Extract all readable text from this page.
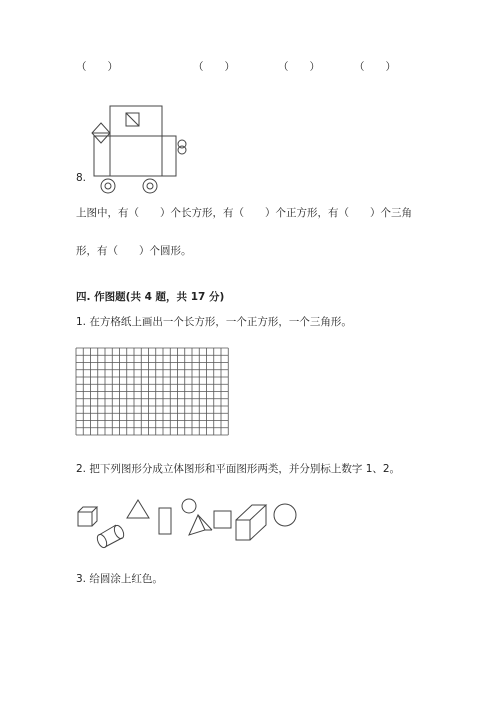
（　　）	（　　）	（　　）	（　　）
8.
上图中，有（　　）个长方形，有（　　）个正方形，有（　　）个三角
形，有（　　）个圆形。
四. 作图题(共 4 题，共 17 分)
1. 在方格纸上画出一个长方形，一个正方形，一个三角形。
2. 把下列图形分成立体图形和平面图形两类，并分别标上数字 1、2。
3. 给圆涂上红色。
